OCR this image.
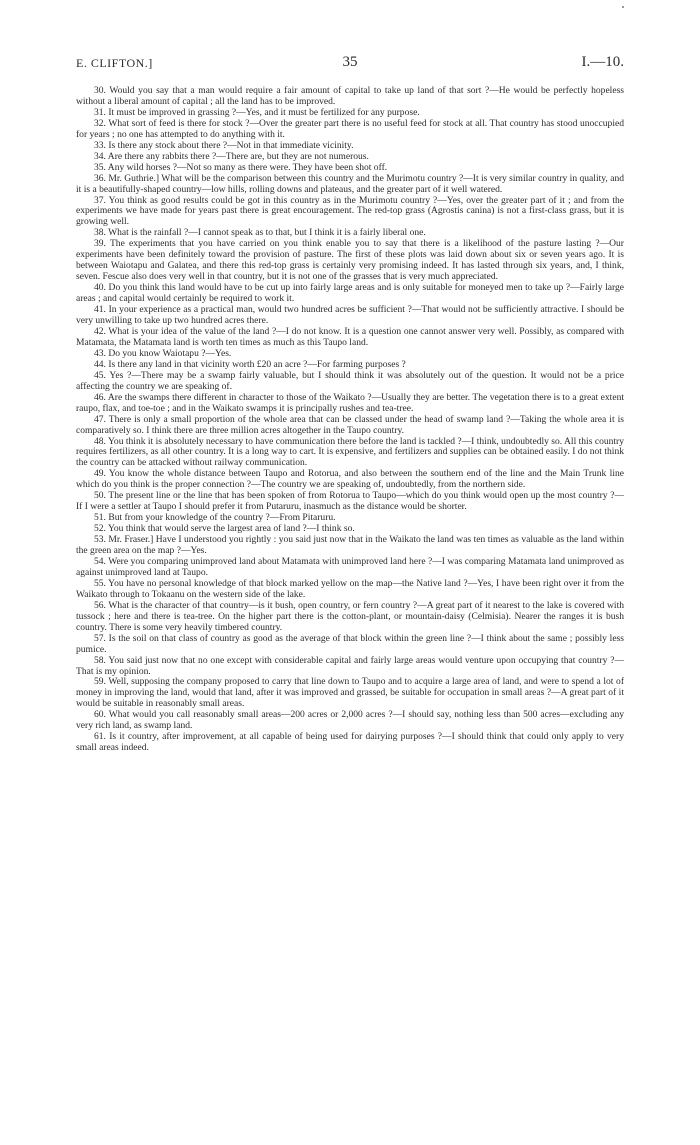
E. CLIFTON.]	35	I.—10.

30. Would you say that a man would require a fair amount of capital to take up land of that sort ?—He would be perfectly hopeless without a liberal amount of capital ; all the land has to be improved.

31. It must be improved in grassing ?—Yes, and it must be fertilized for any purpose.

32. What sort of feed is there for stock ?—Over the greater part there is no useful feed for stock at all. That country has stood unoccupied for years ; no one has attempted to do anything with it.

33. Is there any stock about there ?—Not in that immediate vicinity.

34. Are there any rabbits there ?—There are, but they are not numerous.

35. Any wild horses ?—Not so many as there were. They have been shot off.

36. Mr. Guthrie.] What will be the comparison between this country and the Murimotu country ?—It is very similar country in quality, and it is a beautifully-shaped country—low hills, rolling downs and plateaus, and the greater part of it well watered.

37. You think as good results could be got in this country as in the Murimotu country ?—Yes, over the greater part of it ; and from the experiments we have made for years past there is great encouragement. The red-top grass (Agrostis canina) is not a first-class grass, but it is growing well.

38. What is the rainfall ?—I cannot speak as to that, but I think it is a fairly liberal one.

39. The experiments that you have carried on you think enable you to say that there is a likelihood of the pasture lasting ?—Our experiments have been definitely toward the provision of pasture. The first of these plots was laid down about six or seven years ago. It is between Waiotapu and Galatea, and there this red-top grass is certainly very promising indeed. It has lasted through six years, and, I think, seven. Fescue also does very well in that country, but it is not one of the grasses that is very much appreciated.

40. Do you think this land would have to be cut up into fairly large areas and is only suitable for moneyed men to take up ?—Fairly large areas ; and capital would certainly be required to work it.

41. In your experience as a practical man, would two hundred acres be sufficient ?—That would not be sufficiently attractive. I should be very unwilling to take up two hundred acres there.

42. What is your idea of the value of the land ?—I do not know. It is a question one cannot answer very well. Possibly, as compared with Matamata, the Matamata land is worth ten times as much as this Taupo land.

43. Do you know Waiotapu ?—Yes.

44. Is there any land in that vicinity worth £20 an acre ?—For farming purposes ?

45. Yes ?—There may be a swamp fairly valuable, but I should think it was absolutely out of the question. It would not be a price affecting the country we are speaking of.

46. Are the swamps there different in character to those of the Waikato ?—Usually they are better. The vegetation there is to a great extent raupo, flax, and toe-toe ; and in the Waikato swamps it is principally rushes and tea-tree.

47. There is only a small proportion of the whole area that can be classed under the head of swamp land ?—Taking the whole area it is comparatively so. I think there are three million acres altogether in the Taupo country.

48. You think it is absolutely necessary to have communication there before the land is tackled ?—I think, undoubtedly so. All this country requires fertilizers, as all other country. It is a long way to cart. It is expensive, and fertilizers and supplies can be obtained easily. I do not think the country can be attacked without railway communication.

49. You know the whole distance between Taupo and Rotorua, and also between the southern end of the line and the Main Trunk line which do you think is the proper connection ?—The country we are speaking of, undoubtedly, from the northern side.

50. The present line or the line that has been spoken of from Rotorua to Taupo—which do you think would open up the most country ?—If I were a settler at Taupo I should prefer it from Putaruru, inasmuch as the distance would be shorter.

51. But from your knowledge of the country ?—From Pitaruru.

52. You think that would serve the largest area of land ?—I think so.

53. Mr. Fraser.] Have I understood you rightly : you said just now that in the Waikato the land was ten times as valuable as the land within the green area on the map ?—Yes.

54. Were you comparing unimproved land about Matamata with unimproved land here ?—I was comparing Matamata land unimproved as against unimproved land at Taupo.

55. You have no personal knowledge of that block marked yellow on the map—the Native land ?—Yes, I have been right over it from the Waikato through to Tokaanu on the western side of the lake.

56. What is the character of that country—is it bush, open country, or fern country ?—A great part of it nearest to the lake is covered with tussock ; here and there is tea-tree. On the higher part there is the cotton-plant, or mountain-daisy (Celmisia). Nearer the ranges it is bush country. There is some very heavily timbered country.

57. Is the soil on that class of country as good as the average of that block within the green line ?—I think about the same ; possibly less pumice.

58. You said just now that no one except with considerable capital and fairly large areas would venture upon occupying that country ?—That is my opinion.

59. Well, supposing the company proposed to carry that line down to Taupo and to acquire a large area of land, and were to spend a lot of money in improving the land, would that land, after it was improved and grassed, be suitable for occupation in small areas ?—A great part of it would be suitable in reasonably small areas.

60. What would you call reasonably small areas—200 acres or 2,000 acres ?—I should say, nothing less than 500 acres—excluding any very rich land, as swamp land.

61. Is it country, after improvement, at all capable of being used for dairying purposes ?—I should think that could only apply to very small areas indeed.
